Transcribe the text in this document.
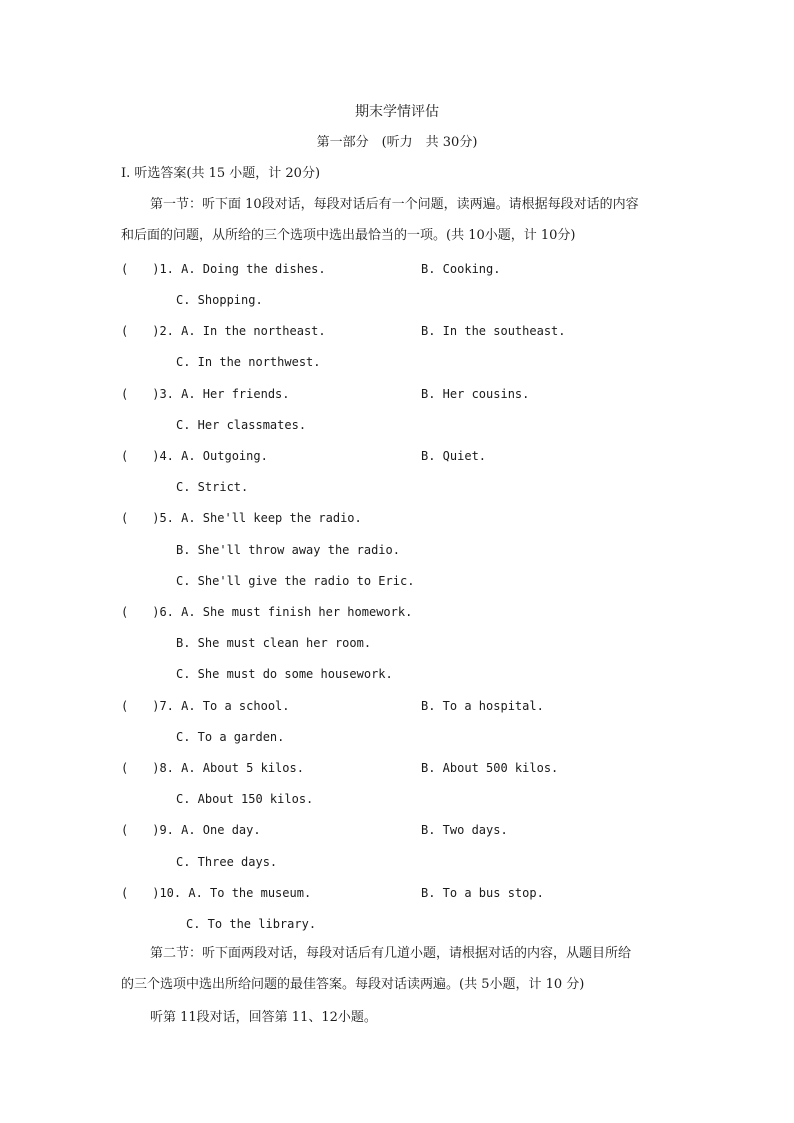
期末学情评估
第一部分　(听力　共 30分)
Ⅰ. 听选答案(共 15 小题，计 20分)
第一节：听下面 10段对话，每段对话后有一个问题，读两遍。请根据每段对话的内容
和后面的问题，从所给的三个选项中选出最恰当的一项。(共 10小题，计 10分)
(　　)1. A. Doing the dishes.	B. Cooking.
C. Shopping.
(　　)2. A. In the northeast.	B. In the southeast.
C. In the northwest.
(　　)3. A. Her friends.	B. Her cousins.
C. Her classmates.
(　　)4. A. Outgoing.	B. Quiet.
C. Strict.
(　　)5. A. She'll keep the radio.
B. She'll throw away the radio.
C. She'll give the radio to Eric.
(　　)6. A. She must finish her homework.
B. She must clean her room.
C. She must do some housework.
(　　)7. A. To a school.	B. To a hospital.
C. To a garden.
(　　)8. A. About 5 kilos.	B. About 500 kilos.
C. About 150 kilos.
(　　)9. A. One day.	B. Two days.
C. Three days.
(　　)10. A. To the museum.	B. To a bus stop.
C. To the library.
第二节：听下面两段对话，每段对话后有几道小题，请根据对话的内容，从题目所给
的三个选项中选出所给问题的最佳答案。每段对话读两遍。(共 5小题，计 10 分)
听第 11段对话，回答第 11、12小题。
